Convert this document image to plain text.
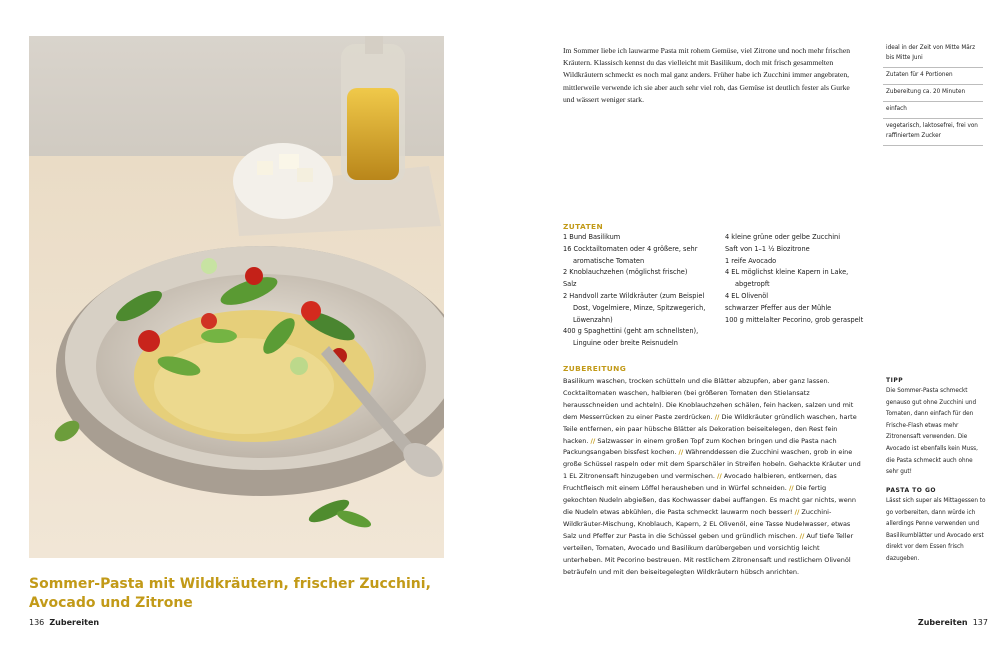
Sommer-Pasta mit Wildkräutern, frischer Zucchini,
Avocado und Zitrone
136 Zubereiten	Zubereiten 137

Im Sommer liebe ich lauwarme Pasta mit rohem Gemüse, viel Zitrone und noch mehr frischen Kräutern. Klassisch kennst du das vielleicht mit Basilikum, doch mit frisch gesammelten Wildkräutern schmeckt es noch mal ganz anders. Früher habe ich Zucchini immer angebraten, mittlerweile verwende ich sie aber auch sehr viel roh, das Gemüse ist deutlich fester als Gurke und wässert weniger stark.

ideal in der Zeit von Mitte März bis Mitte Juni
Zutaten für 4 Portionen
Zubereitung ca. 20 Minuten
einfach
vegetarisch, laktosefrei, frei von raffiniertem Zucker
ZUTATEN
1 Bund Basilikum
16 Cocktailtomaten oder 4 größere, sehr aromatische Tomaten
2 Knoblauchzehen (möglichst frische)
Salz
2 Handvoll zarte Wildkräuter (zum Beispiel Dost, Vogelmiere, Minze, Spitzwegerich, Löwenzahn)
400 g Spaghettini (geht am schnellsten), Linguine oder breite Reisnudeln
4 kleine grüne oder gelbe Zucchini
Saft von 1–1 ½ Biozitrone
1 reife Avocado
4 EL möglichst kleine Kapern in Lake, abgetropft
4 EL Olivenöl
schwarzer Pfeffer aus der Mühle
100 g mittelalter Pecorino, grob geraspelt
ZUBEREITUNG

Basilikum waschen, trocken schütteln und die Blätter abzupfen, aber ganz lassen. Cocktailtomaten waschen, halbieren (bei größeren Tomaten den Stielansatz herausschneiden und achteln). Die Knoblauchzehen schälen, fein hacken, salzen und mit dem Messerrücken zu einer Paste zerdrücken. // Die Wildkräuter gründlich waschen, harte Teile entfernen, ein paar hübsche Blätter als Dekoration beiseitelegen, den Rest fein hacken. // Salzwasser in einem großen Topf zum Kochen bringen und die Pasta nach Packungsangaben bissfest kochen. // Währenddessen die Zucchini waschen, grob in eine große Schüssel raspeln oder mit dem Sparschäler in Streifen hobeln. Gehackte Kräuter und 1 EL Zitronensaft hinzugeben und vermischen. // Avocado halbieren, entkernen, das Fruchtfleisch mit einem Löffel herausheben und in Würfel schneiden. // Die fertig gekochten Nudeln abgießen, das Kochwasser dabei auffangen. Es macht gar nichts, wenn die Nudeln etwas abkühlen, die Pasta schmeckt lauwarm noch besser! // Zucchini-Wildkräuter-Mischung, Knoblauch, Kapern, 2 EL Olivenöl, eine Tasse Nudelwasser, etwas Salz und Pfeffer zur Pasta in die Schüssel geben und gründlich mischen. // Auf tiefe Teller verteilen, Tomaten, Avocado und Basilikum darübergeben und vorsichtig leicht unterheben. Mit Pecorino bestreuen. Mit restlichem Zitronensaft und restlichem Olivenöl beträufeln und mit den beiseitegelegten Wildkräutern hübsch anrichten.

TIPP

Die Sommer-Pasta schmeckt genauso gut ohne Zucchini und Tomaten, dann einfach für den Frische-Flash etwas mehr Zitronensaft verwenden. Die Avocado ist ebenfalls kein Muss, die Pasta schmeckt auch ohne sehr gut!

PASTA TO GO

Lässt sich super als Mittagessen to go vorbereiten, dann würde ich allerdings Penne verwenden und Basilikumblätter und Avocado erst direkt vor dem Essen frisch dazugeben.
